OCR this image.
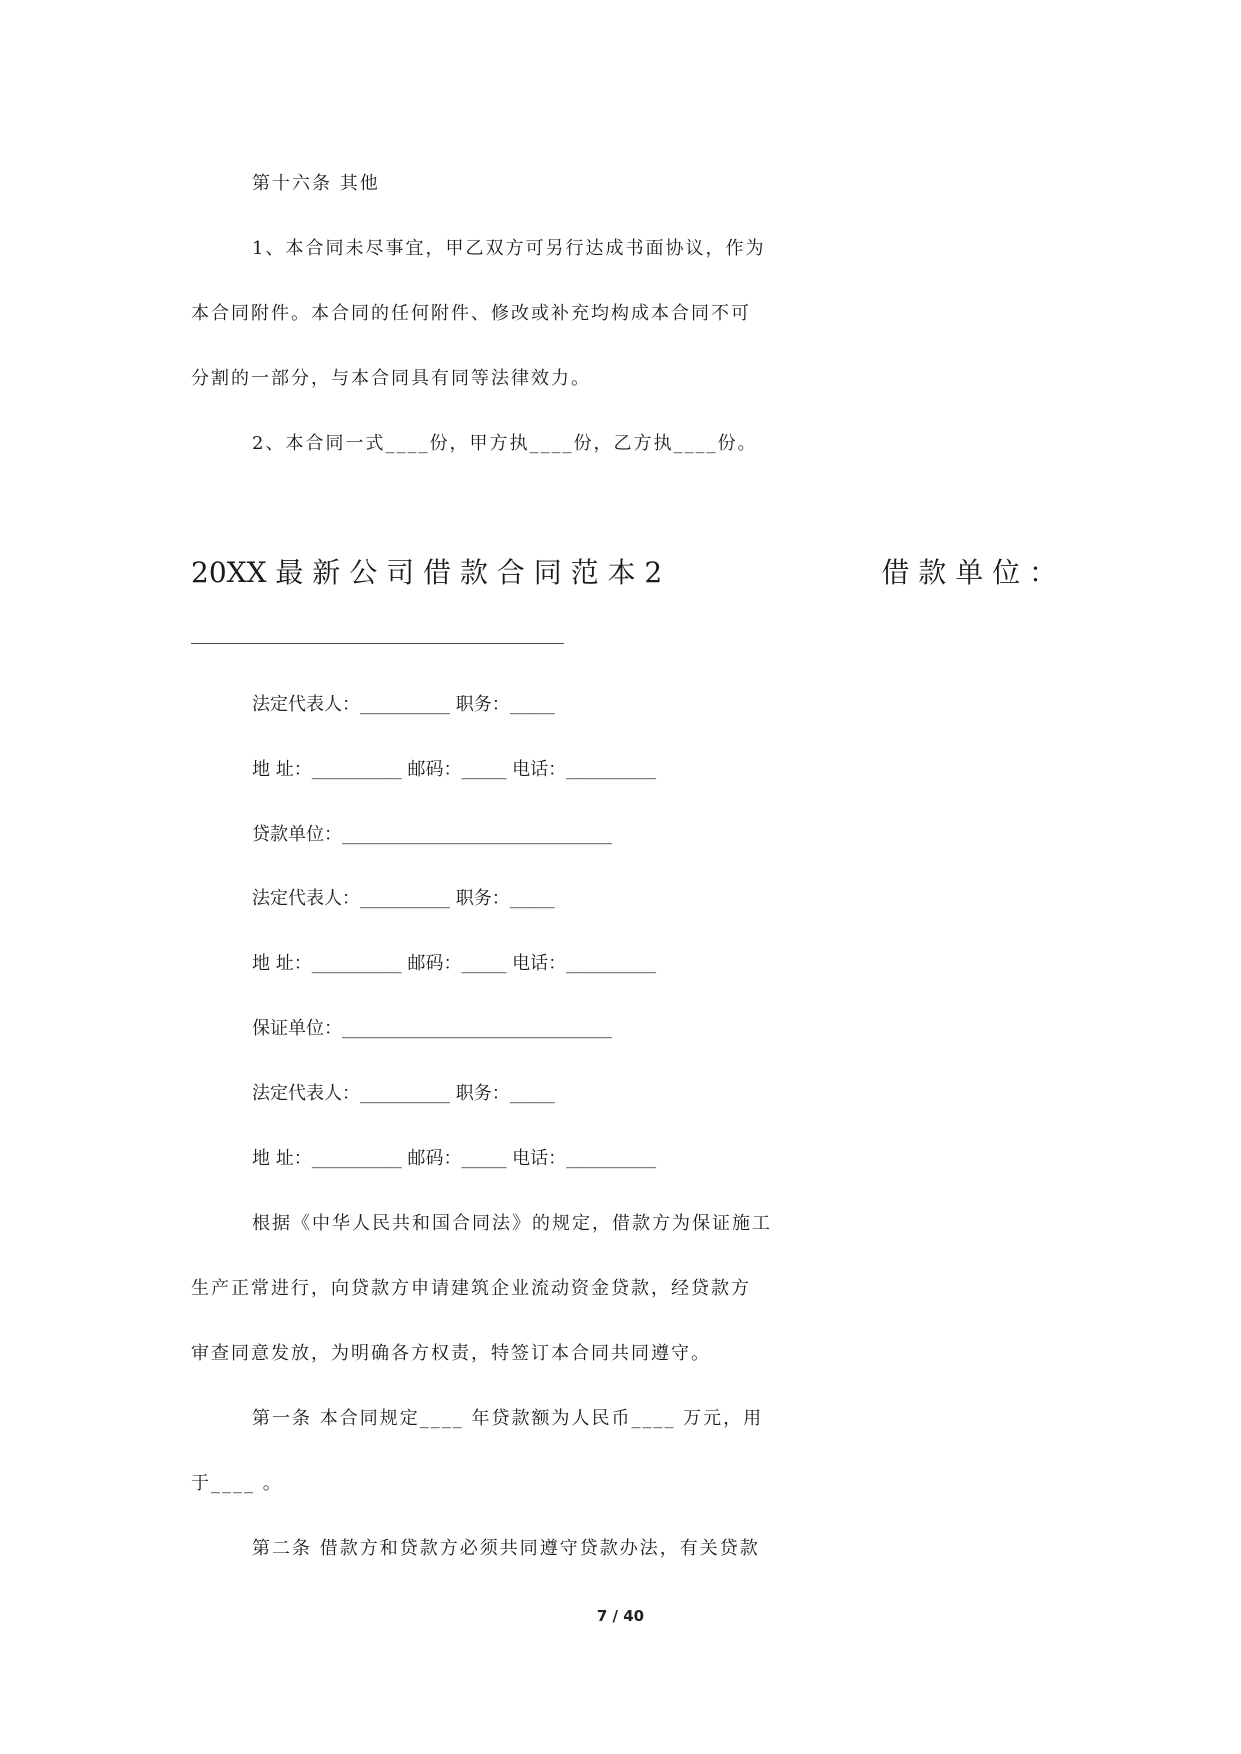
第十六条 其他
1、本合同未尽事宜，甲乙双方可另行达成书面协议，作为
本合同附件。本合同的任何附件、修改或补充均构成本合同不可
分割的一部分，与本合同具有同等法律效力。
2、本合同一式____份，甲方执____份，乙方执____份。
20XX 最 新 公 司 借 款 合 同 范 本 2	借 款 单 位 ：
法定代表人：__________ 职务：_____
地 址：__________ 邮码：_____ 电话：__________
贷款单位：______________________________
法定代表人：__________ 职务：_____
地 址：__________ 邮码：_____ 电话：__________
保证单位：______________________________
法定代表人：__________ 职务：_____
地 址：__________ 邮码：_____ 电话：__________
根据《中华人民共和国合同法》的规定，借款方为保证施工
生产正常进行，向贷款方申请建筑企业流动资金贷款，经贷款方
审查同意发放，为明确各方权责，特签订本合同共同遵守。
第一条 本合同规定____ 年贷款额为人民币____ 万元，用
于____ 。
第二条 借款方和贷款方必须共同遵守贷款办法，有关贷款
7 / 40
